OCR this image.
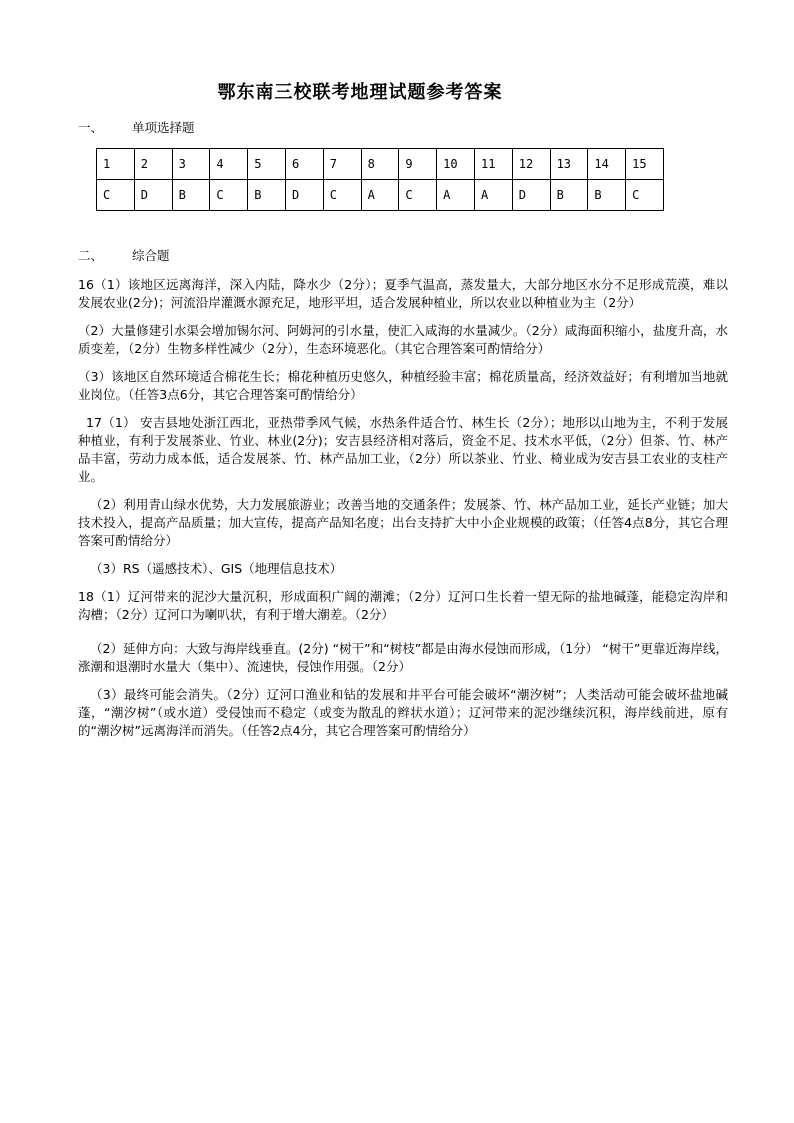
鄂东南三校联考地理试题参考答案
一、 单项选择题
1	2	3	4	5	6	7	8	9	10	11	12	13	14	15
C	D	B	C	B	D	C	A	C	A	A	D	B	B	C
二、 综合题

16（1）该地区远离海洋，深入内陆，降水少（2分）；夏季气温高，蒸发量大，大部分地区水分不足形成荒漠，难以发展农业(2分)；河流沿岸灌溉水源充足，地形平坦，适合发展种植业，所以农业以种植业为主（2分）

（2）大量修建引水渠会增加锡尔河、阿姆河的引水量，使汇入咸海的水量减少。（2分）咸海面积缩小，盐度升高，水质变差，（2分）生物多样性减少（2分），生态环境恶化。（其它合理答案可酌情给分）

（3）该地区自然环境适合棉花生长；棉花种植历史悠久，种植经验丰富；棉花质量高，经济效益好；有利增加当地就业岗位。（任答3点6分，其它合理答案可酌情给分）

17（1） 安吉县地处浙江西北，亚热带季风气候，水热条件适合竹、林生长（2分）；地形以山地为主，不利于发展种植业，有利于发展茶业、竹业、林业(2分)；安吉县经济相对落后，资金不足、技术水平低，（2分）但茶、竹、林产品丰富，劳动力成本低，适合发展茶、竹、林产品加工业，（2分）所以茶业、竹业、椅业成为安吉县工农业的支柱产业。

（2）利用青山绿水优势，大力发展旅游业；改善当地的交通条件；发展茶、竹、林产品加工业，延长产业链；加大技术投入，提高产品质量；加大宣传，提高产品知名度；出台支持扩大中小企业规模的政策；（任答4点8分，其它合理答案可酌情给分）

（3）RS（遥感技术）、GIS（地理信息技术）

18（1）辽河带来的泥沙大量沉积，形成面积广阔的潮滩；（2分）辽河口生长着一望无际的盐地碱蓬，能稳定沟岸和沟槽；（2分）辽河口为喇叭状，有利于增大潮差。（2分）

（2）延伸方向：大致与海岸线垂直。(2分) “树干”和“树枝”都是由海水侵蚀而形成，（1分） “树干”更靠近海岸线，涨潮和退潮时水量大（集中）、流速快，侵蚀作用强。（2分）

（3）最终可能会消失。（2分）辽河口渔业和钻的发展和井平台可能会破坏“潮汐树”；人类活动可能会破坏盐地碱蓬，“潮汐树”（或水道）受侵蚀而不稳定（或变为散乱的辫状水道）；辽河带来的泥沙继续沉积，海岸线前进，原有的“潮汐树”远离海洋而消失。（任答2点4分，其它合理答案可酌情给分）
